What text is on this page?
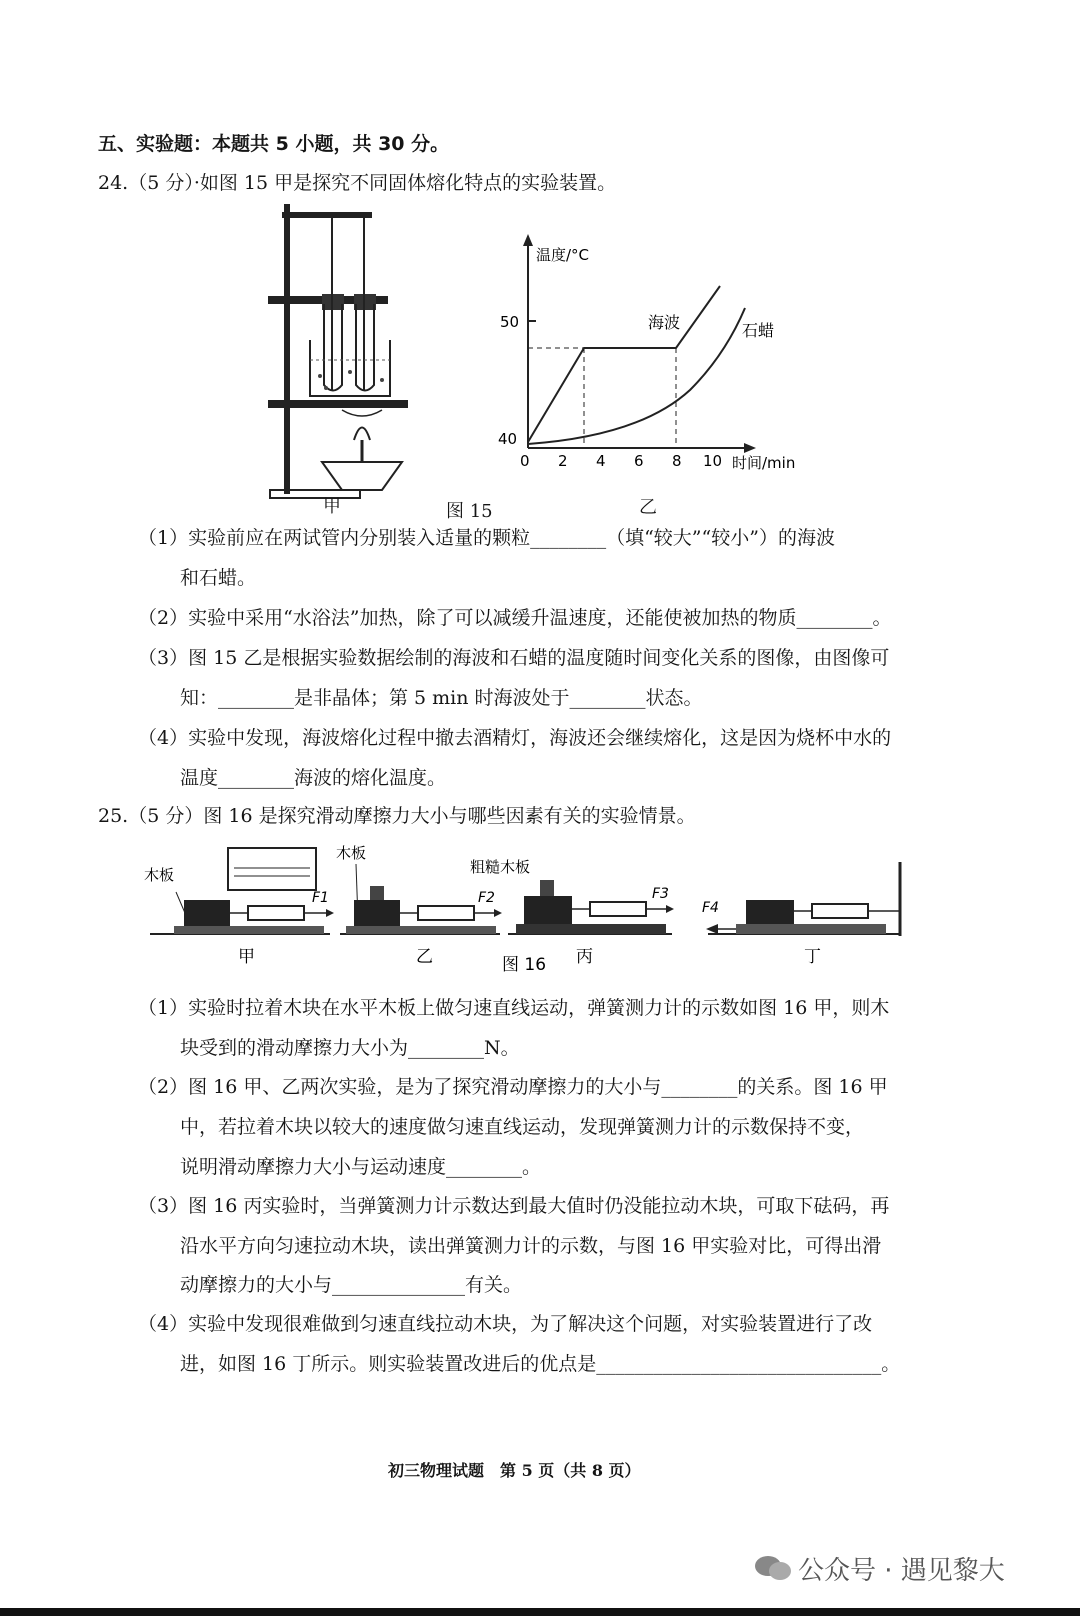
五、实验题：本题共 5 小题，共 30 分。
24.（5 分）·如图 15 甲是探究不同固体熔化特点的实验装置。
甲	图 15
温度/°C
时间/min
50
40
0 2 4 6 8 10
海波	石蜡
乙
（1）实验前应在两试管内分别装入适量的颗粒________（填“较大”“较小”）的海波
和石蜡。
（2）实验中采用“水浴法”加热，除了可以减缓升温速度，还能使被加热的物质________。
（3）图 15 乙是根据实验数据绘制的海波和石蜡的温度随时间变化关系的图像，由图像可
知：________是非晶体；第 5 min 时海波处于________状态。
（4）实验中发现，海波熔化过程中撤去酒精灯，海波还会继续熔化，这是因为烧杯中水的
温度________海波的熔化温度。
25.（5 分）图 16 是探究滑动摩擦力大小与哪些因素有关的实验情景。
木板
F1
木板
F2
粗糙木板
F3
F4
甲	乙	丙	丁
图 16
（1）实验时拉着木块在水平木板上做匀速直线运动，弹簧测力计的示数如图 16 甲，则木
块受到的滑动摩擦力大小为________N。
（2）图 16 甲、乙两次实验，是为了探究滑动摩擦力的大小与________的关系。图 16 甲
中，若拉着木块以较大的速度做匀速直线运动，发现弹簧测力计的示数保持不变，
说明滑动摩擦力大小与运动速度________。
（3）图 16 丙实验时，当弹簧测力计示数达到最大值时仍没能拉动木块，可取下砝码，再
沿水平方向匀速拉动木块，读出弹簧测力计的示数，与图 16 甲实验对比，可得出滑
动摩擦力的大小与______________有关。
（4）实验中发现很难做到匀速直线拉动木块，为了解决这个问题，对实验装置进行了改
进，如图 16 丁所示。则实验装置改进后的优点是______________________________。
初三物理试题　第 5 页（共 8 页）
公众号 · 遇见黎大
